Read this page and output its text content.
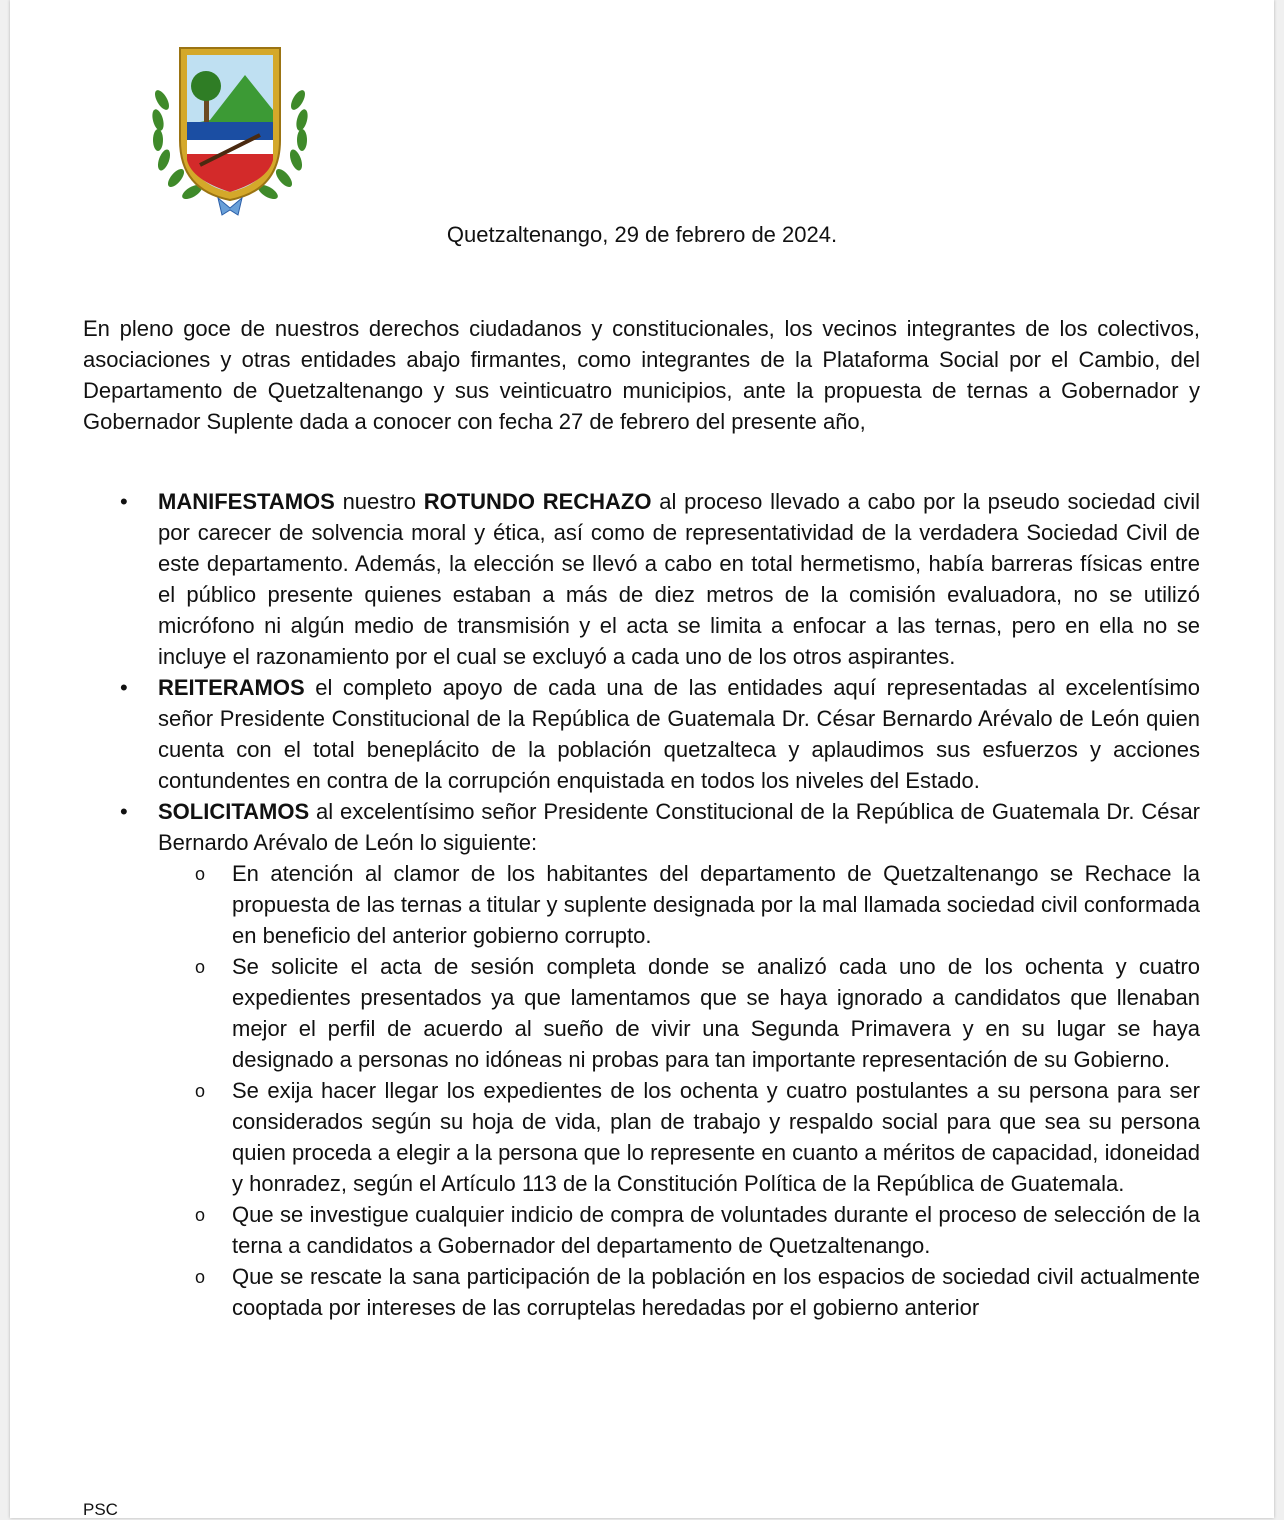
Quetzaltenango, 29 de febrero de 2024.
En pleno goce de nuestros derechos ciudadanos y constitucionales, los vecinos integrantes de los colectivos, asociaciones y otras entidades abajo firmantes, como integrantes de la Plataforma Social por el Cambio, del Departamento de Quetzaltenango y sus veinticuatro municipios, ante la propuesta de ternas a Gobernador y Gobernador Suplente dada a conocer con fecha 27 de febrero del presente año,
• MANIFESTAMOS nuestro ROTUNDO RECHAZO al proceso llevado a cabo por la pseudo sociedad civil por carecer de solvencia moral y ética, así como de representatividad de la verdadera Sociedad Civil de este departamento. Además, la elección se llevó a cabo en total hermetismo, había barreras físicas entre el público presente quienes estaban a más de diez metros de la comisión evaluadora, no se utilizó micrófono ni algún medio de transmisión y el acta se limita a enfocar a las ternas, pero en ella no se incluye el razonamiento por el cual se excluyó a cada uno de los otros aspirantes.
• REITERAMOS el completo apoyo de cada una de las entidades aquí representadas al excelentísimo señor Presidente Constitucional de la República de Guatemala Dr. César Bernardo Arévalo de León quien cuenta con el total beneplácito de la población quetzalteca y aplaudimos sus esfuerzos y acciones contundentes en contra de la corrupción enquistada en todos los niveles del Estado.
• SOLICITAMOS al excelentísimo señor Presidente Constitucional de la República de Guatemala Dr. César Bernardo Arévalo de León lo siguiente:
o En atención al clamor de los habitantes del departamento de Quetzaltenango se Rechace la propuesta de las ternas a titular y suplente designada por la mal llamada sociedad civil conformada en beneficio del anterior gobierno corrupto.
o Se solicite el acta de sesión completa donde se analizó cada uno de los ochenta y cuatro expedientes presentados ya que lamentamos que se haya ignorado a candidatos que llenaban mejor el perfil de acuerdo al sueño de vivir una Segunda Primavera y en su lugar se haya designado a personas no idóneas ni probas para tan importante representación de su Gobierno.
o Se exija hacer llegar los expedientes de los ochenta y cuatro postulantes a su persona para ser considerados según su hoja de vida, plan de trabajo y respaldo social para que sea su persona quien proceda a elegir a la persona que lo represente en cuanto a méritos de capacidad, idoneidad y honradez, según el Artículo 113 de la Constitución Política de la República de Guatemala.
o Que se investigue cualquier indicio de compra de voluntades durante el proceso de selección de la terna a candidatos a Gobernador del departamento de Quetzaltenango.
o Que se rescate la sana participación de la población en los espacios de sociedad civil actualmente cooptada por intereses de las corruptelas heredadas por el gobierno anterior
PSC
